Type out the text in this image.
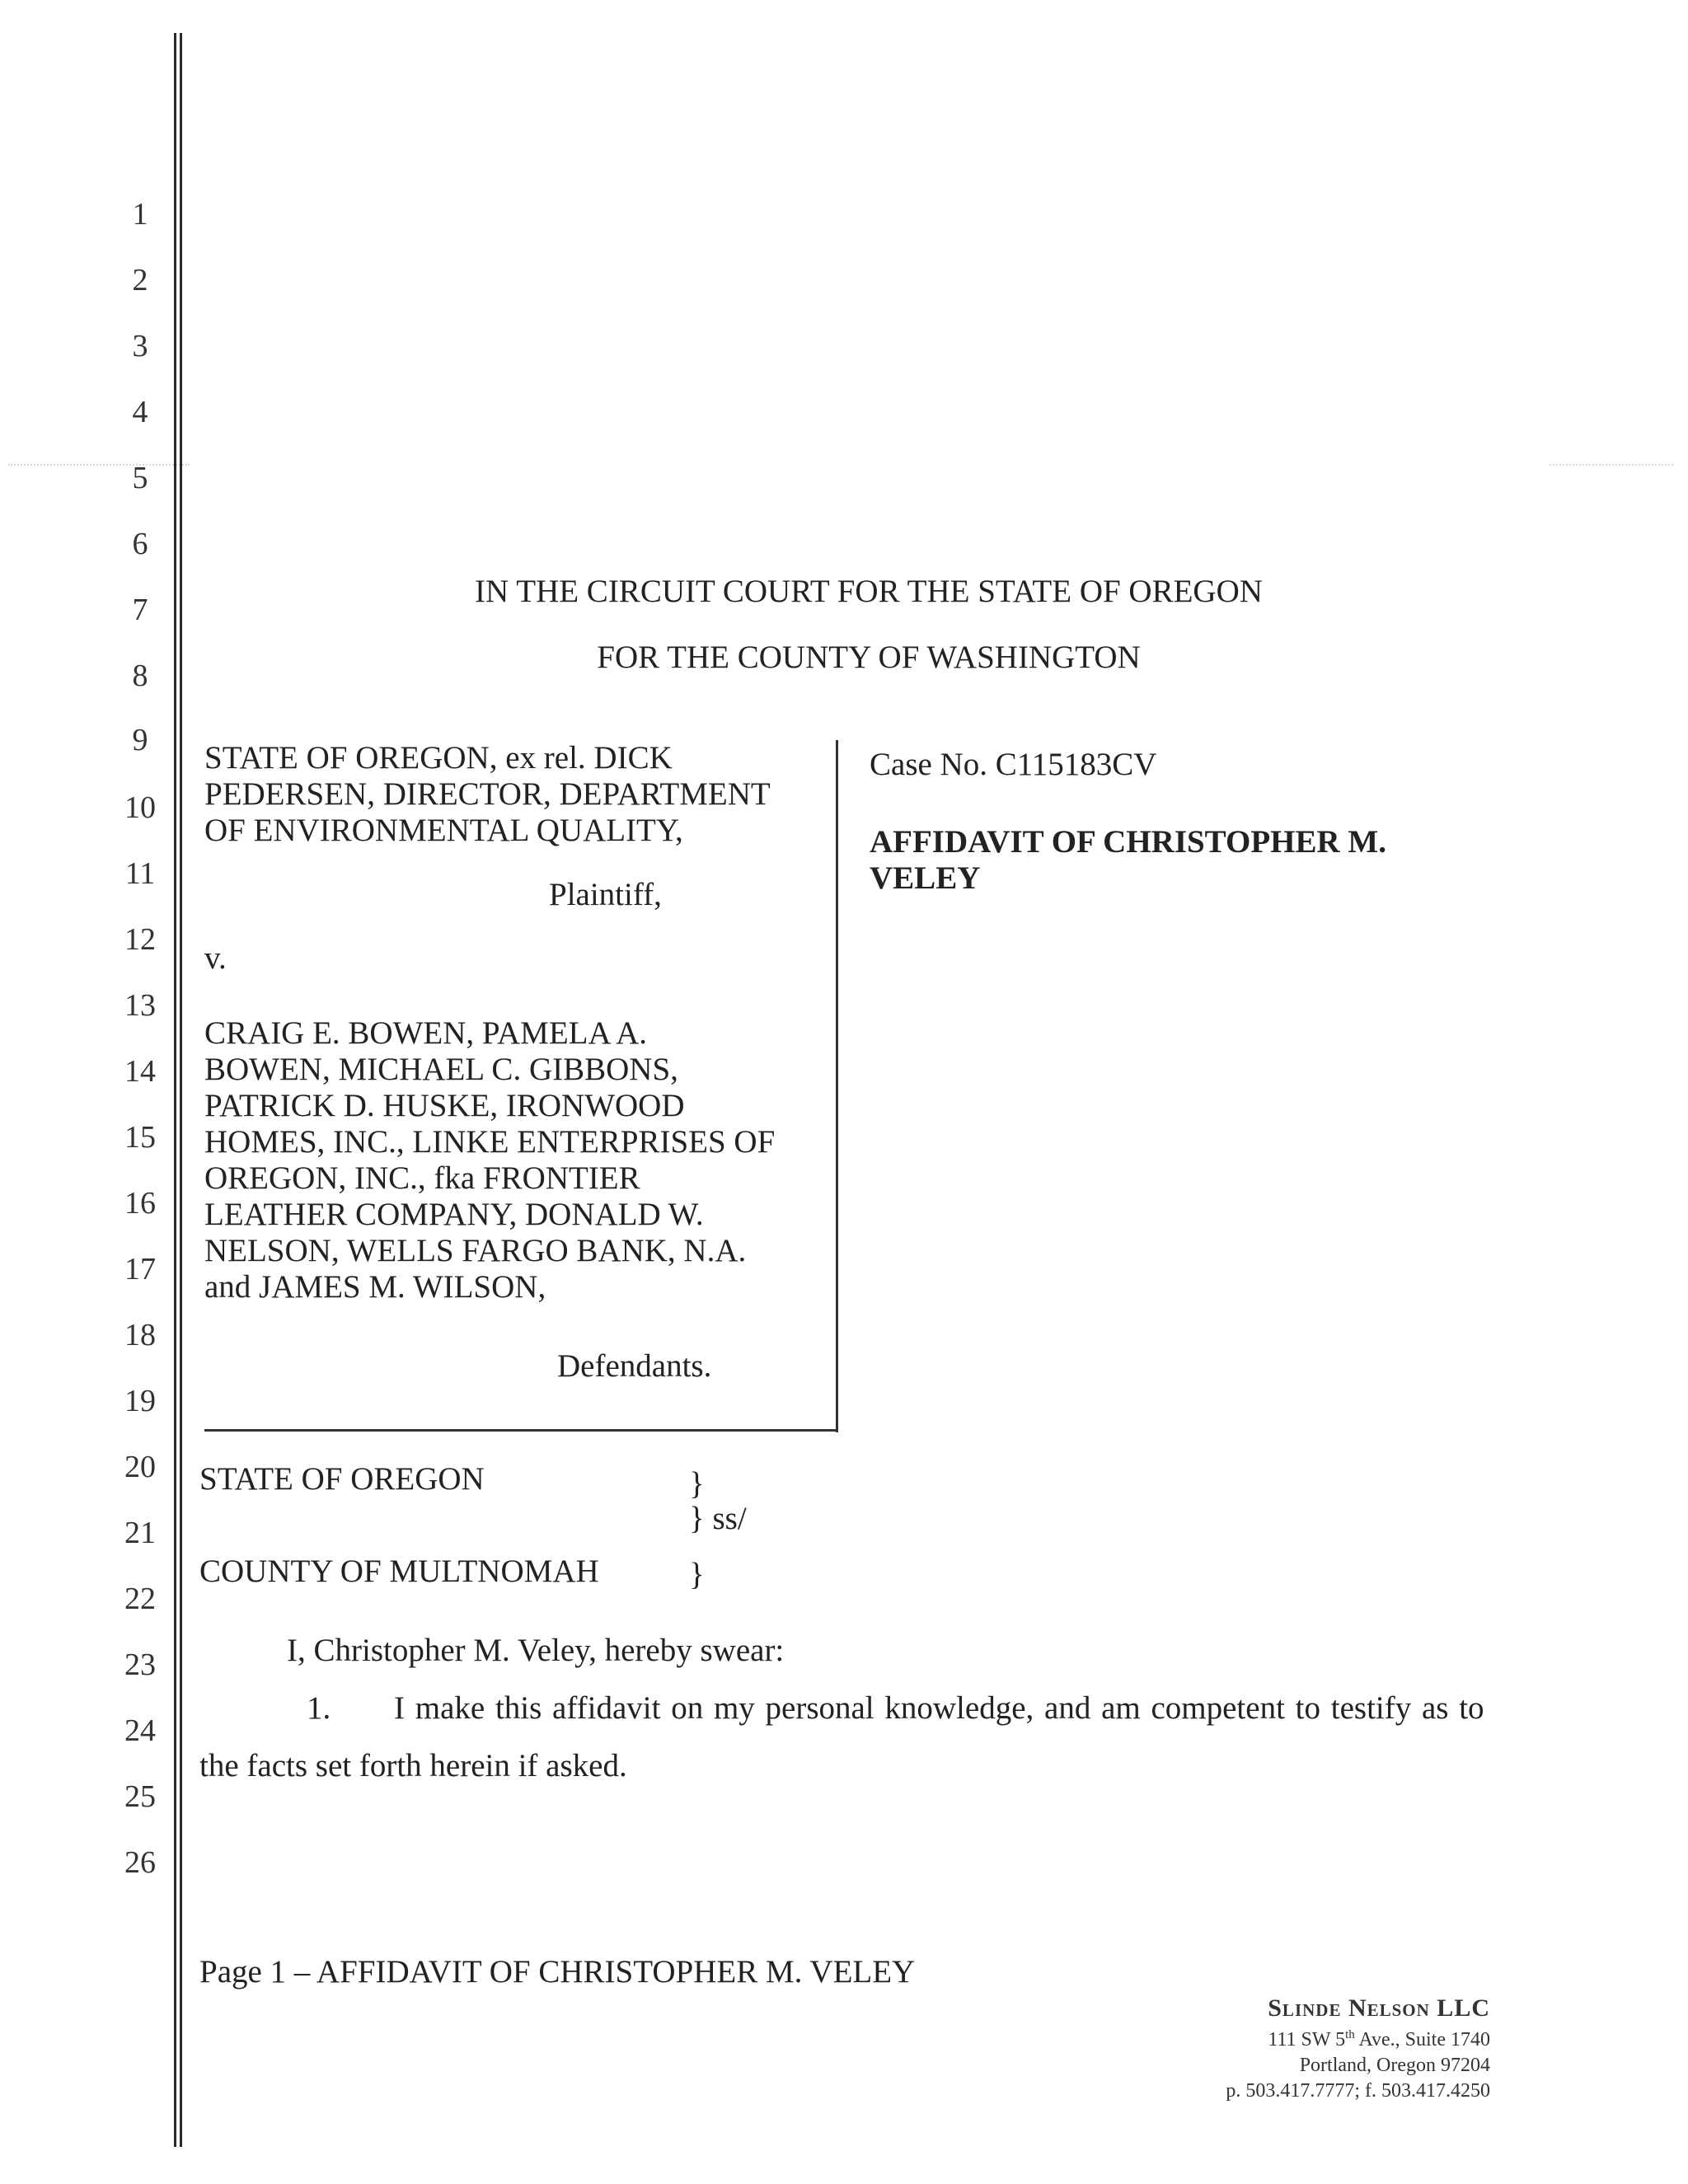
1
2
3
4
5
6
7
8
9
10
11
12
13
14
15
16
17
18
19
20
21
22
23
24
25
26
IN THE CIRCUIT COURT FOR THE STATE OF OREGON
FOR THE COUNTY OF WASHINGTON
STATE OF OREGON, ex rel. DICK
PEDERSEN, DIRECTOR, DEPARTMENT
OF ENVIRONMENTAL QUALITY,
Plaintiff,
v.
CRAIG E. BOWEN, PAMELA A.
BOWEN, MICHAEL C. GIBBONS,
PATRICK D. HUSKE, IRONWOOD
HOMES, INC., LINKE ENTERPRISES OF
OREGON, INC., fka FRONTIER
LEATHER COMPANY, DONALD W.
NELSON, WELLS FARGO BANK, N.A.
and JAMES M. WILSON,
Defendants.
Case No. C115183CV
AFFIDAVIT OF CHRISTOPHER M.
VELEY
STATE OF OREGON	}
} ss/
COUNTY OF MULTNOMAH	}
I, Christopher M. Veley, hereby swear:
1. I make this affidavit on my personal knowledge, and am competent to testify as to
the facts set forth herein if asked.
Page 1 – AFFIDAVIT OF CHRISTOPHER M. VELEY
Slinde Nelson LLC
111 SW 5th Ave., Suite 1740
Portland, Oregon 97204
p. 503.417.7777; f. 503.417.4250
